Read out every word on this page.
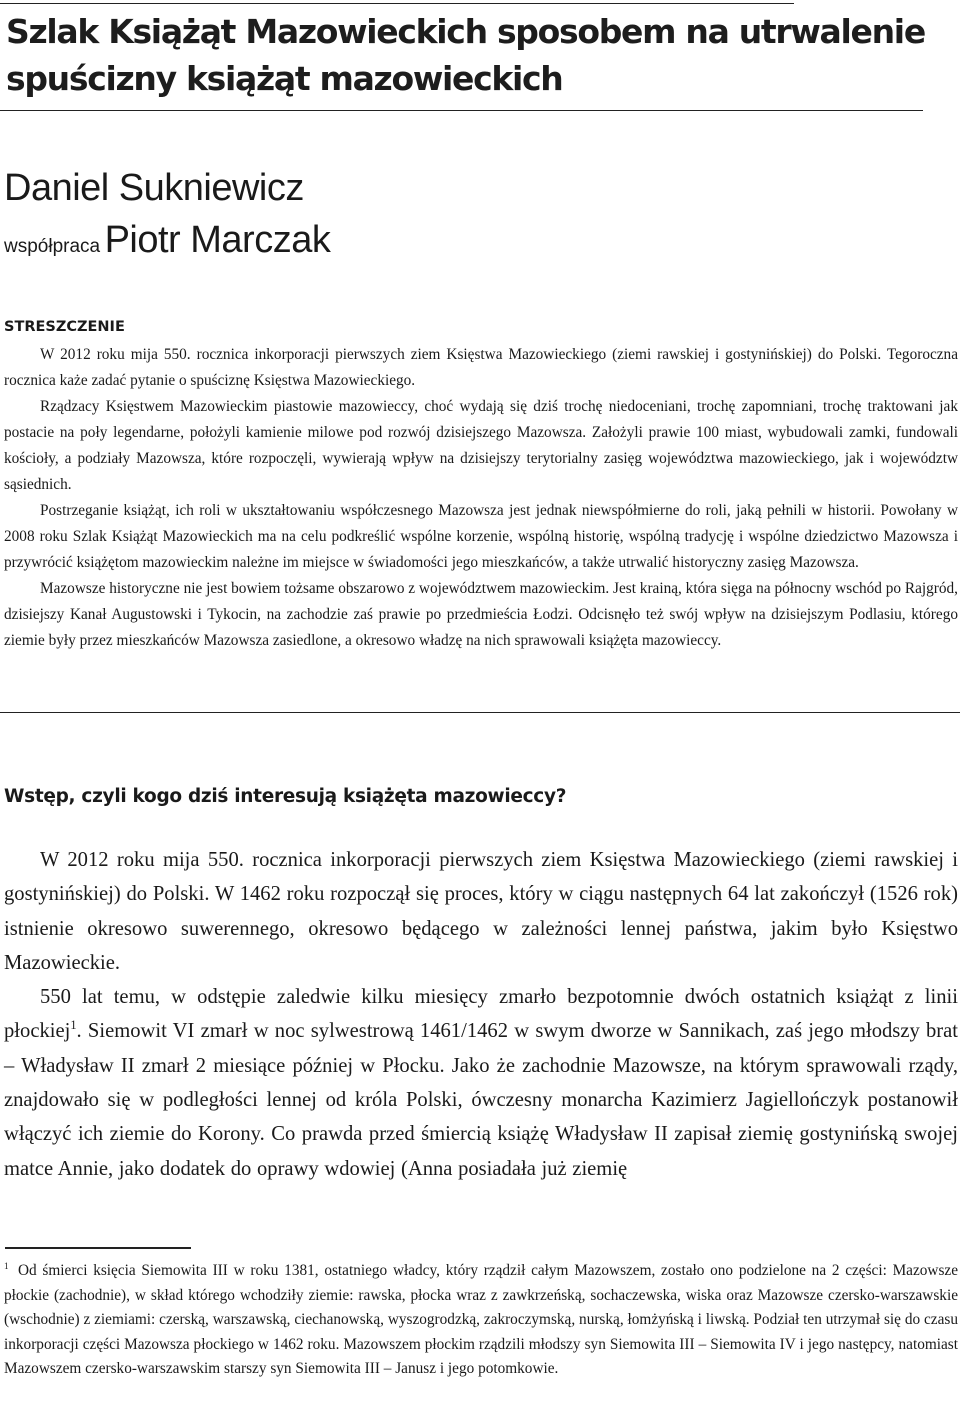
Szlak Książąt Mazowieckich sposobem na utrwalenie spuścizny książąt mazowieckich
Daniel Sukniewicz
współpraca Piotr Marczak
STRESZCZENIE

W 2012 roku mija 550. rocznica inkorporacji pierwszych ziem Księstwa Mazowieckiego (ziemi rawskiej i gostynińskiej) do Polski. Tegoroczna rocznica każe zadać pytanie o spuściznę Księstwa Mazowieckiego.

Rządzacy Księstwem Mazowieckim piastowie mazowieccy, choć wydają się dziś trochę niedoceniani, trochę zapomniani, trochę traktowani jak postacie na poły legendarne, położyli kamienie milowe pod rozwój dzisiejszego Mazowsza. Założyli prawie 100 miast, wybudowali zamki, fundowali kościoły, a podziały Mazowsza, które rozpoczęli, wywierają wpływ na dzisiejszy terytorialny zasięg województwa mazowieckiego, jak i województw sąsiednich.

Postrzeganie książąt, ich roli w ukształtowaniu współczesnego Mazowsza jest jednak niewspółmierne do roli, jaką pełnili w historii. Powołany w 2008 roku Szlak Książąt Mazowieckich ma na celu podkreślić wspólne korzenie, wspólną historię, wspólną tradycję i wspólne dziedzictwo Mazowsza i przywrócić książętom mazowieckim należne im miejsce w świadomości jego mieszkańców, a także utrwalić historyczny zasięg Mazowsza.

Mazowsze historyczne nie jest bowiem tożsame obszarowo z województwem mazowieckim. Jest krainą, która sięga na północny wschód po Rajgród, dzisiejszy Kanał Augustowski i Tykocin, na zachodzie zaś prawie po przedmieścia Łodzi. Odcisnęło też swój wpływ na dzisiejszym Podlasiu, którego ziemie były przez mieszkańców Mazowsza zasiedlone, a okresowo władzę na nich sprawowali książęta mazowieccy.

Wstęp, czyli kogo dziś interesują książęta mazowieccy?

W 2012 roku mija 550. rocznica inkorporacji pierwszych ziem Księstwa Mazowieckiego (ziemi rawskiej i gostynińskiej) do Polski. W 1462 roku rozpoczął się proces, który w ciągu następnych 64 lat zakończył (1526 rok) istnienie okresowo suwerennego, okresowo będącego w zależności lennej państwa, jakim było Księstwo Mazowieckie.

550 lat temu, w odstępie zaledwie kilku miesięcy zmarło bezpotomnie dwóch ostatnich książąt z linii płockiej$^1$. Siemowit VI zmarł w noc sylwestrową 1461/1462 w swym dworze w Sannikach, zaś jego młodszy brat – Władysław II zmarł 2 miesiące później w Płocku. Jako że zachodnie Mazowsze, na którym sprawowali rządy, znajdowało się w podległości lennej od króla Polski, ówczesny monarcha Kazimierz Jagiellończyk postanowił włączyć ich ziemie do Korony. Co prawda przed śmiercią książę Władysław II zapisał ziemię gostynińską swojej matce Annie, jako dodatek do oprawy wdowiej (Anna posiadała już ziemię

$^1$ Od śmierci księcia Siemowita III w roku 1381, ostatniego władcy, który rządził całym Mazowszem, zostało ono podzielone na 2 części: Mazowsze płockie (zachodnie), w skład którego wchodziły ziemie: rawska, płocka wraz z zawkrzeńską, sochaczewska, wiska oraz Mazowsze czersko-warszawskie (wschodnie) z ziemiami: czerską, warszawską, ciechanowską, wyszogrodzką, zakroczymską, nurską, łomżyńską i liwską. Podział ten utrzymał się do czasu inkorporacji części Mazowsza płockiego w 1462 roku. Mazowszem płockim rządzili młodszy syn Siemowita III – Siemowita IV i jego następcy, natomiast Mazowszem czersko-warszawskim starszy syn Siemowita III – Janusz i jego potomkowie.
